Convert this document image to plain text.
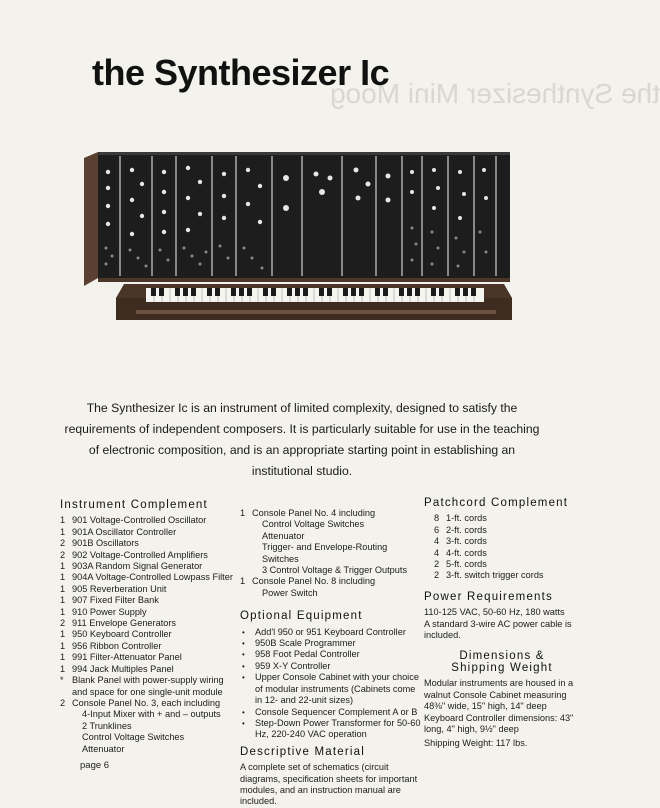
the Synthesizer Mini Moog
the Synthesizer Ic
The Synthesizer Ic is an instrument of limited complexity, designed to satisfy the requirements of independent composers. It is particularly suitable for use in the teaching of electronic composition, and is an appropriate starting point in establishing an institutional studio.
Instrument Complement
1 901 Voltage-Controlled Oscillator
1 901A Oscillator Controller
2 901B Oscillators
2 902 Voltage-Controlled Amplifiers
1 903A Random Signal Generator
1 904A Voltage-Controlled Lowpass Filter
1 905 Reverberation Unit
1 907 Fixed Filter Bank
1 910 Power Supply
2 911 Envelope Generators
1 950 Keyboard Controller
1 956 Ribbon Controller
1 991 Filter-Attenuator Panel
1 994 Jack Multiples Panel
* Blank Panel with power-supply wiring and space for one single-unit module
2 Console Panel No. 3, each including
4-Input Mixer with + and – outputs
2 Trunklines
Control Voltage Switches
Attenuator
1 Console Panel No. 4 including
Control Voltage Switches
Attenuator
Trigger- and Envelope-Routing Switches
3 Control Voltage & Trigger Outputs
1 Console Panel No. 8 including
Power Switch
Optional Equipment
•	Add'l 950 or 951 Keyboard Controller
•	950B Scale Programmer
•	958 Foot Pedal Controller
•	959 X-Y Controller
•	Upper Console Cabinet with your choice of modular instruments (Cabinets come in 12- and 22-unit sizes)
•	Console Sequencer Complement A or B
•	Step-Down Power Transformer for 50-60 Hz, 220-240 VAC operation
Descriptive Material

A complete set of schematics (circuit diagrams, specification sheets for important modules, and an instruction manual are included.

Patchcord Complement
8 1-ft. cords
6 2-ft. cords
4 3-ft. cords
4 4-ft. cords
2 5-ft. cords
2 3-ft. switch trigger cords
Power Requirements

110-125 VAC, 50-60 Hz, 180 watts

A standard 3-wire AC power cable is included.

Dimensions &
Shipping Weight

Modular instruments are housed in a walnut Console Cabinet measuring 48⅜" wide, 15" high, 14" deep

Keyboard Controller dimensions: 43" long, 4" high, 9½" deep

Shipping Weight: 117 lbs.

page 6
